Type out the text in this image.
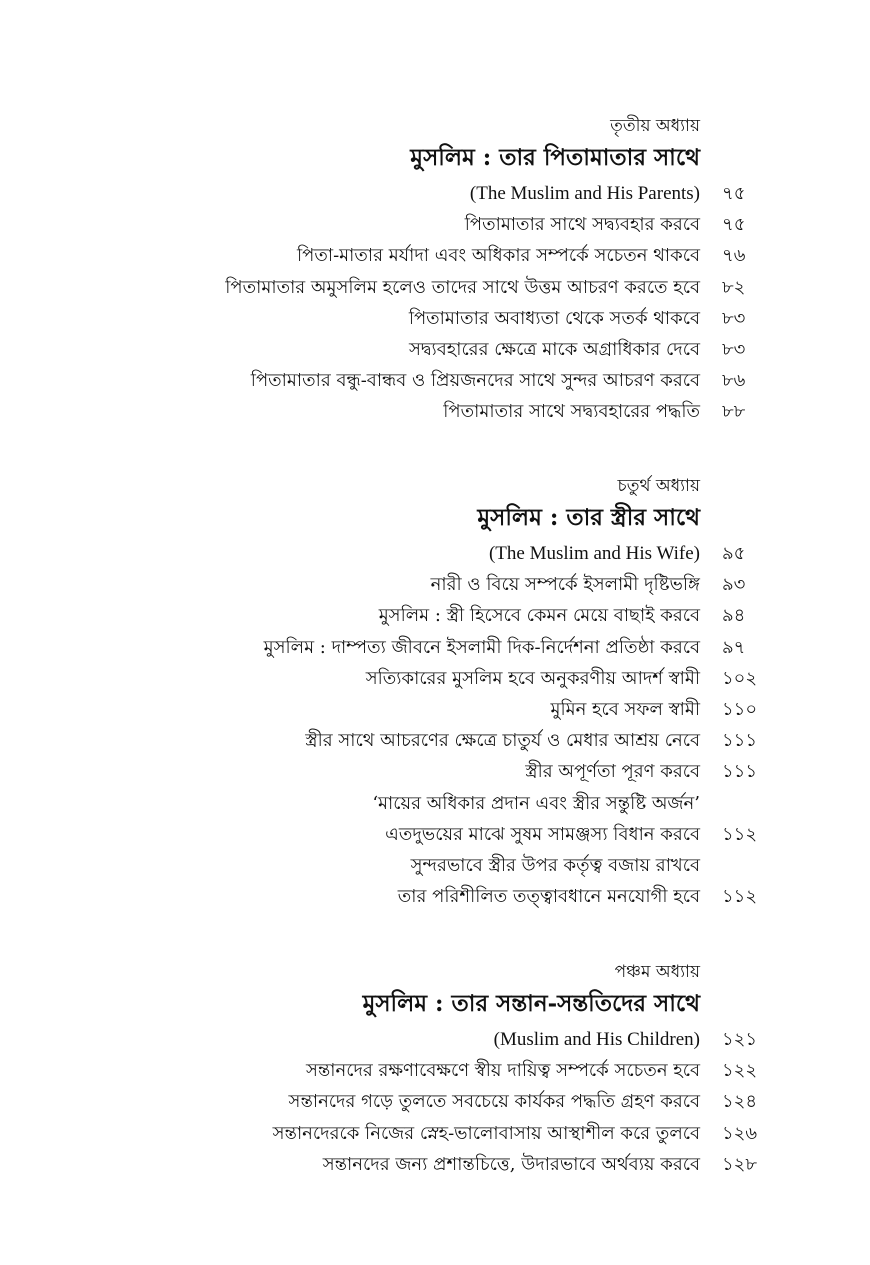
তৃতীয় অধ্যায়
মুসলিম : তার পিতামাতার সাথে
(The Muslim and His Parents) ৭৫
পিতামাতার সাথে সদ্ব্যবহার করবে ৭৫
পিতা-মাতার মর্যাদা এবং অধিকার সম্পর্কে সচেতন থাকবে ৭৬
পিতামাতার অমুসলিম হলেও তাদের সাথে উত্তম আচরণ করতে হবে ৮২
পিতামাতার অবাধ্যতা থেকে সতর্ক থাকবে ৮৩
সদ্ব্যবহারের ক্ষেত্রে মাকে অগ্রাধিকার দেবে ৮৩
পিতামাতার বন্ধু-বান্ধব ও প্রিয়জনদের সাথে সুন্দর আচরণ করবে ৮৬
পিতামাতার সাথে সদ্ব্যবহারের পদ্ধতি ৮৮
চতুর্থ অধ্যায়
মুসলিম : তার স্ত্রীর সাথে
(The Muslim and His Wife) ৯৫
নারী ও বিয়ে সম্পর্কে ইসলামী দৃষ্টিভঙ্গি ৯৩
মুসলিম : স্ত্রী হিসেবে কেমন মেয়ে বাছাই করবে ৯৪
মুসলিম : দাম্পত্য জীবনে ইসলামী দিক-নির্দেশনা প্রতিষ্ঠা করবে ৯৭
সত্যিকারের মুসলিম হবে অনুকরণীয় আদর্শ স্বামী ১০২
মুমিন হবে সফল স্বামী ১১০
স্ত্রীর সাথে আচরণের ক্ষেত্রে চাতুর্য ও মেধার আশ্রয় নেবে ১১১
স্ত্রীর অপূর্ণতা পূরণ করবে ১১১
‘মায়ের অধিকার প্রদান এবং স্ত্রীর সন্তুষ্টি অর্জন’
এতদুভয়ের মাঝে সুষম সামঞ্জস্য বিধান করবে ১১২
সুন্দরভাবে স্ত্রীর উপর কর্তৃত্ব বজায় রাখবে
তার পরিশীলিত তত্ত্বাবধানে মনযোগী হবে ১১২
পঞ্চম অধ্যায়
মুসলিম : তার সন্তান-সন্ততিদের সাথে
(Muslim and His Children) ১২১
সন্তানদের রক্ষণাবেক্ষণে স্বীয় দায়িত্ব সম্পর্কে সচেতন হবে ১২২
সন্তানদের গড়ে তুলতে সবচেয়ে কার্যকর পদ্ধতি গ্রহণ করবে ১২৪
সন্তানদেরকে নিজের স্নেহ-ভালোবাসায় আস্থাশীল করে তুলবে ১২৬
সন্তানদের জন্য প্রশান্তচিত্তে, উদারভাবে অর্থব্যয় করবে ১২৮
